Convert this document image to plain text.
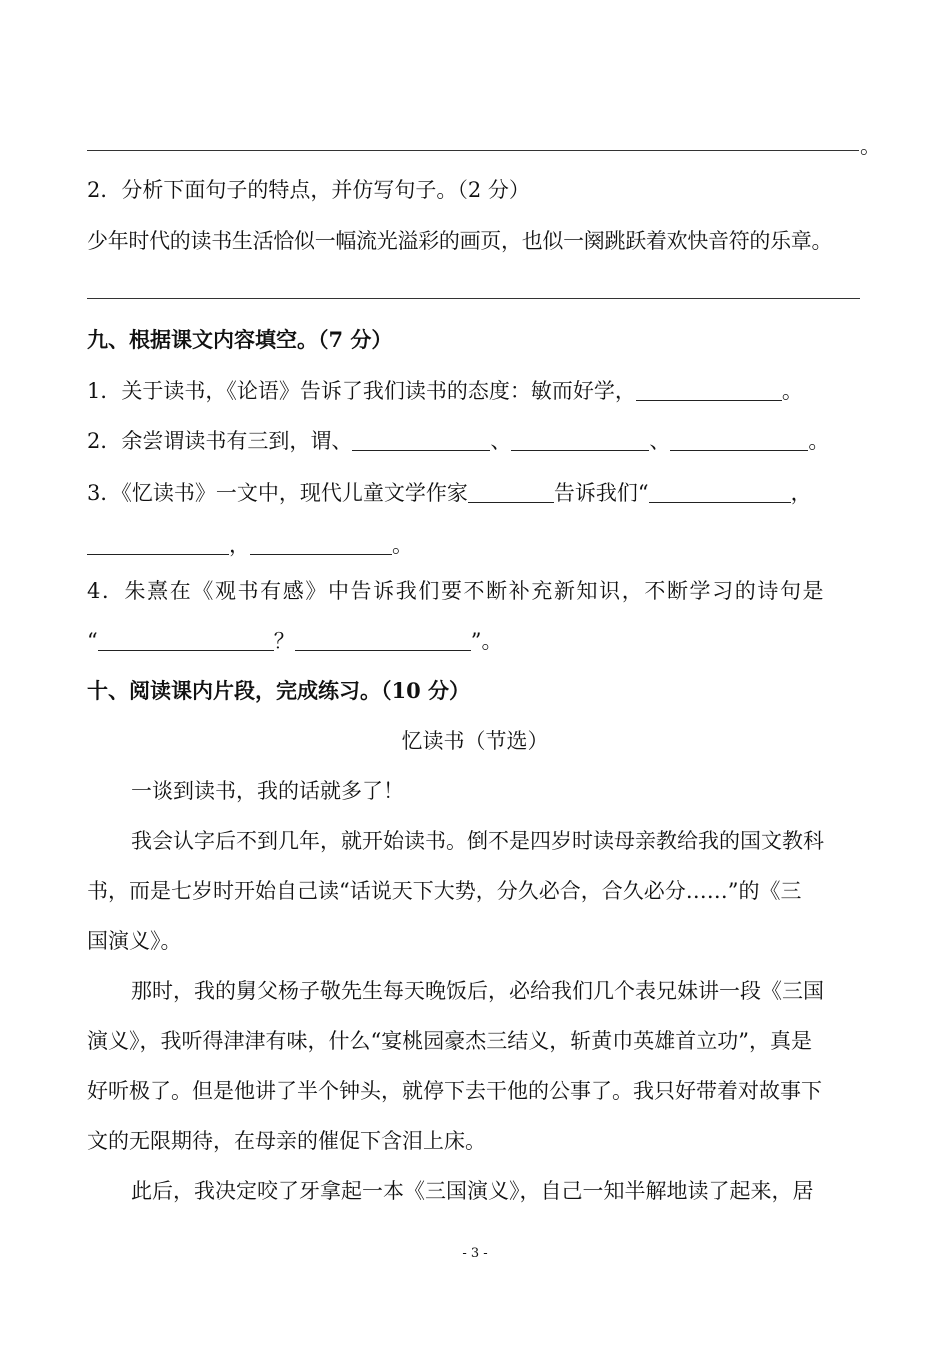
。
2．分析下面句子的特点，并仿写句子。（2 分）
少年时代的读书生活恰似一幅流光溢彩的画页，也似一阕跳跃着欢快音符的乐章。
九、根据课文内容填空。（7 分）
1．关于读书，《论语》告诉了我们读书的态度：敏而好学，	。
2．余尝谓读书有三到，谓、	、	、	。
3．《忆读书》一文中，现代儿童文学作家	告诉我们“	，
，	。
4．朱熹在《观书有感》中告诉我们要不断补充新知识，不断学习的诗句是
“	？	”。
十、阅读课内片段，完成练习。（10 分）
忆读书（节选）
一谈到读书，我的话就多了！
我会认字后不到几年，就开始读书。倒不是四岁时读母亲教给我的国文教科
书，而是七岁时开始自己读“话说天下大势，分久必合，合久必分……”的《三
国演义》。
那时，我的舅父杨子敬先生每天晚饭后，必给我们几个表兄妹讲一段《三国
演义》，我听得津津有味，什么“宴桃园豪杰三结义，斩黄巾英雄首立功”，真是
好听极了。但是他讲了半个钟头，就停下去干他的公事了。我只好带着对故事下
文的无限期待，在母亲的催促下含泪上床。
此后，我决定咬了牙拿起一本《三国演义》，自己一知半解地读了起来，居
- 3 -
